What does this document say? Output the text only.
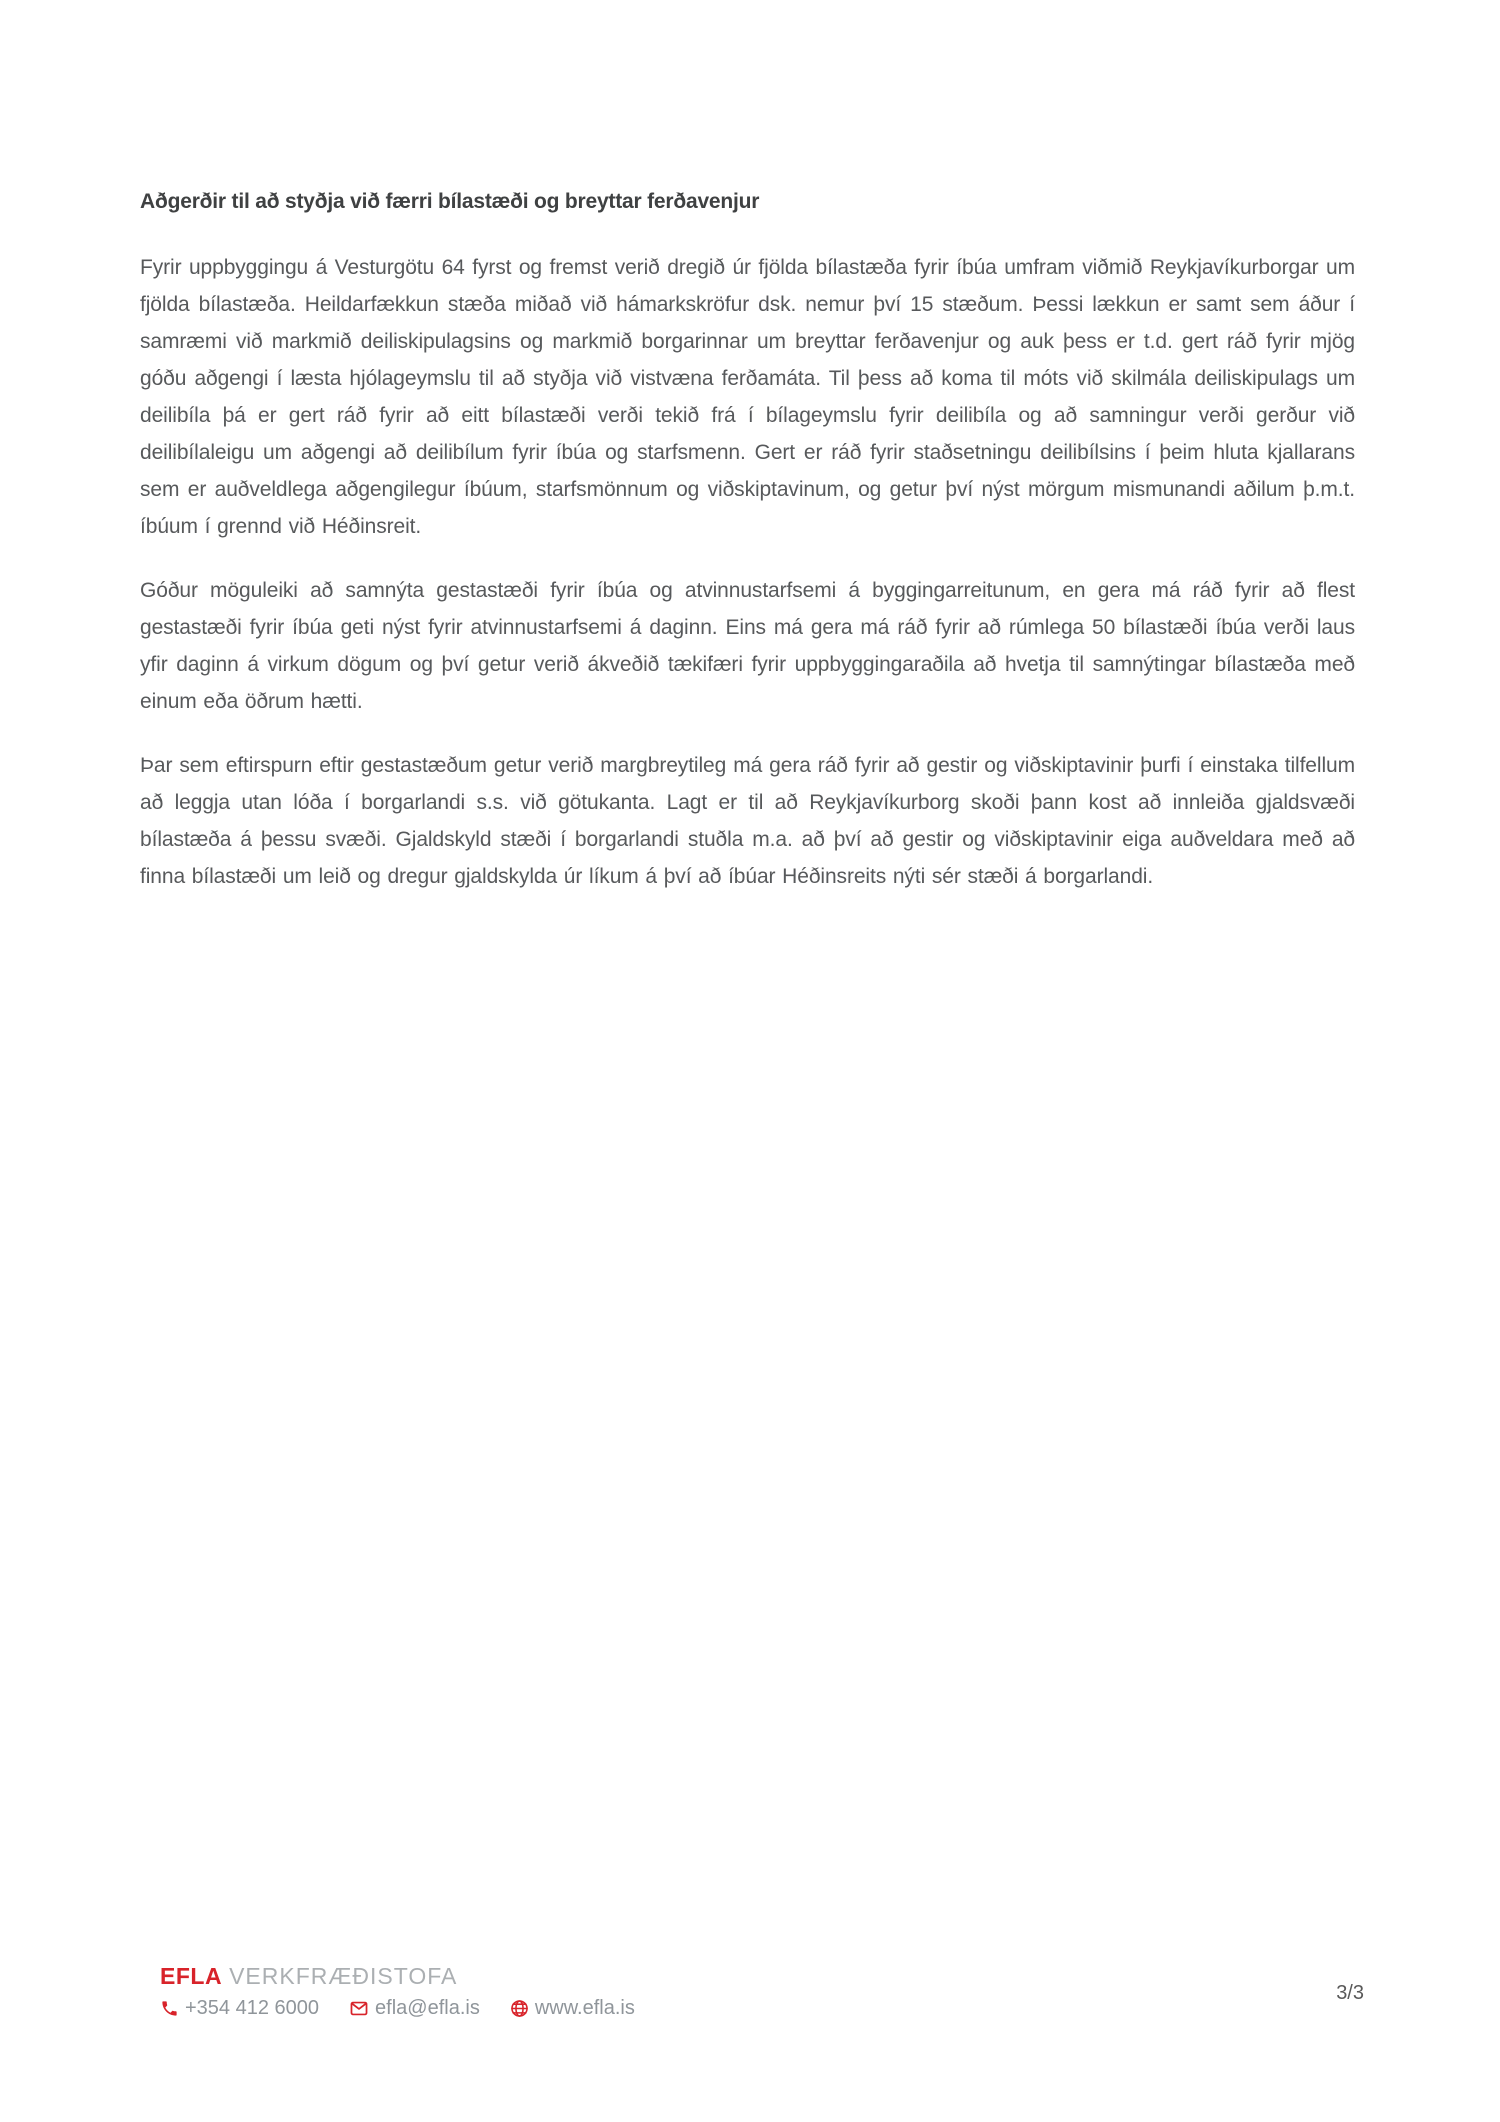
Aðgerðir til að styðja við færri bílastæði og breyttar ferðavenjur

Fyrir uppbyggingu á Vesturgötu 64 fyrst og fremst verið dregið úr fjölda bílastæða fyrir íbúa umfram viðmið Reykjavíkurborgar um fjölda bílastæða. Heildarfækkun stæða miðað við hámarkskröfur dsk. nemur því 15 stæðum. Þessi lækkun er samt sem áður í samræmi við markmið deiliskipulagsins og markmið borgarinnar um breyttar ferðavenjur og auk þess er t.d. gert ráð fyrir mjög góðu aðgengi í læsta hjólageymslu til að styðja við vistvæna ferðamáta. Til þess að koma til móts við skilmála deiliskipulags um deilibíla þá er gert ráð fyrir að eitt bílastæði verði tekið frá í bílageymslu fyrir deilibíla og að samningur verði gerður við deilibílaleigu um aðgengi að deilibílum fyrir íbúa og starfsmenn. Gert er ráð fyrir staðsetningu deilibílsins í þeim hluta kjallarans sem er auðveldlega aðgengilegur íbúum, starfsmönnum og viðskiptavinum, og getur því nýst mörgum mismunandi aðilum þ.m.t. íbúum í grennd við Héðinsreit.

Góður möguleiki að samnýta gestastæði fyrir íbúa og atvinnustarfsemi á byggingarreitunum, en gera má ráð fyrir að flest gestastæði fyrir íbúa geti nýst fyrir atvinnustarfsemi á daginn. Eins má gera má ráð fyrir að rúmlega 50 bílastæði íbúa verði laus yfir daginn á virkum dögum og því getur verið ákveðið tækifæri fyrir uppbyggingaraðila að hvetja til samnýtingar bílastæða með einum eða öðrum hætti.

Þar sem eftirspurn eftir gestastæðum getur verið margbreytileg má gera ráð fyrir að gestir og viðskiptavinir þurfi í einstaka tilfellum að leggja utan lóða í borgarlandi s.s. við götukanta. Lagt er til að Reykjavíkurborg skoði þann kost að innleiða gjaldsvæði bílastæða á þessu svæði. Gjaldskyld stæði í borgarlandi stuðla m.a. að því að gestir og viðskiptavinir eiga auðveldara með að finna bílastæði um leið og dregur gjaldskylda úr líkum á því að íbúar Héðinsreits nýti sér stæði á borgarlandi.

EFLA VERKFRÆÐISTOFA
+354 412 6000	efla@efla.is	www.efla.is
3/3
